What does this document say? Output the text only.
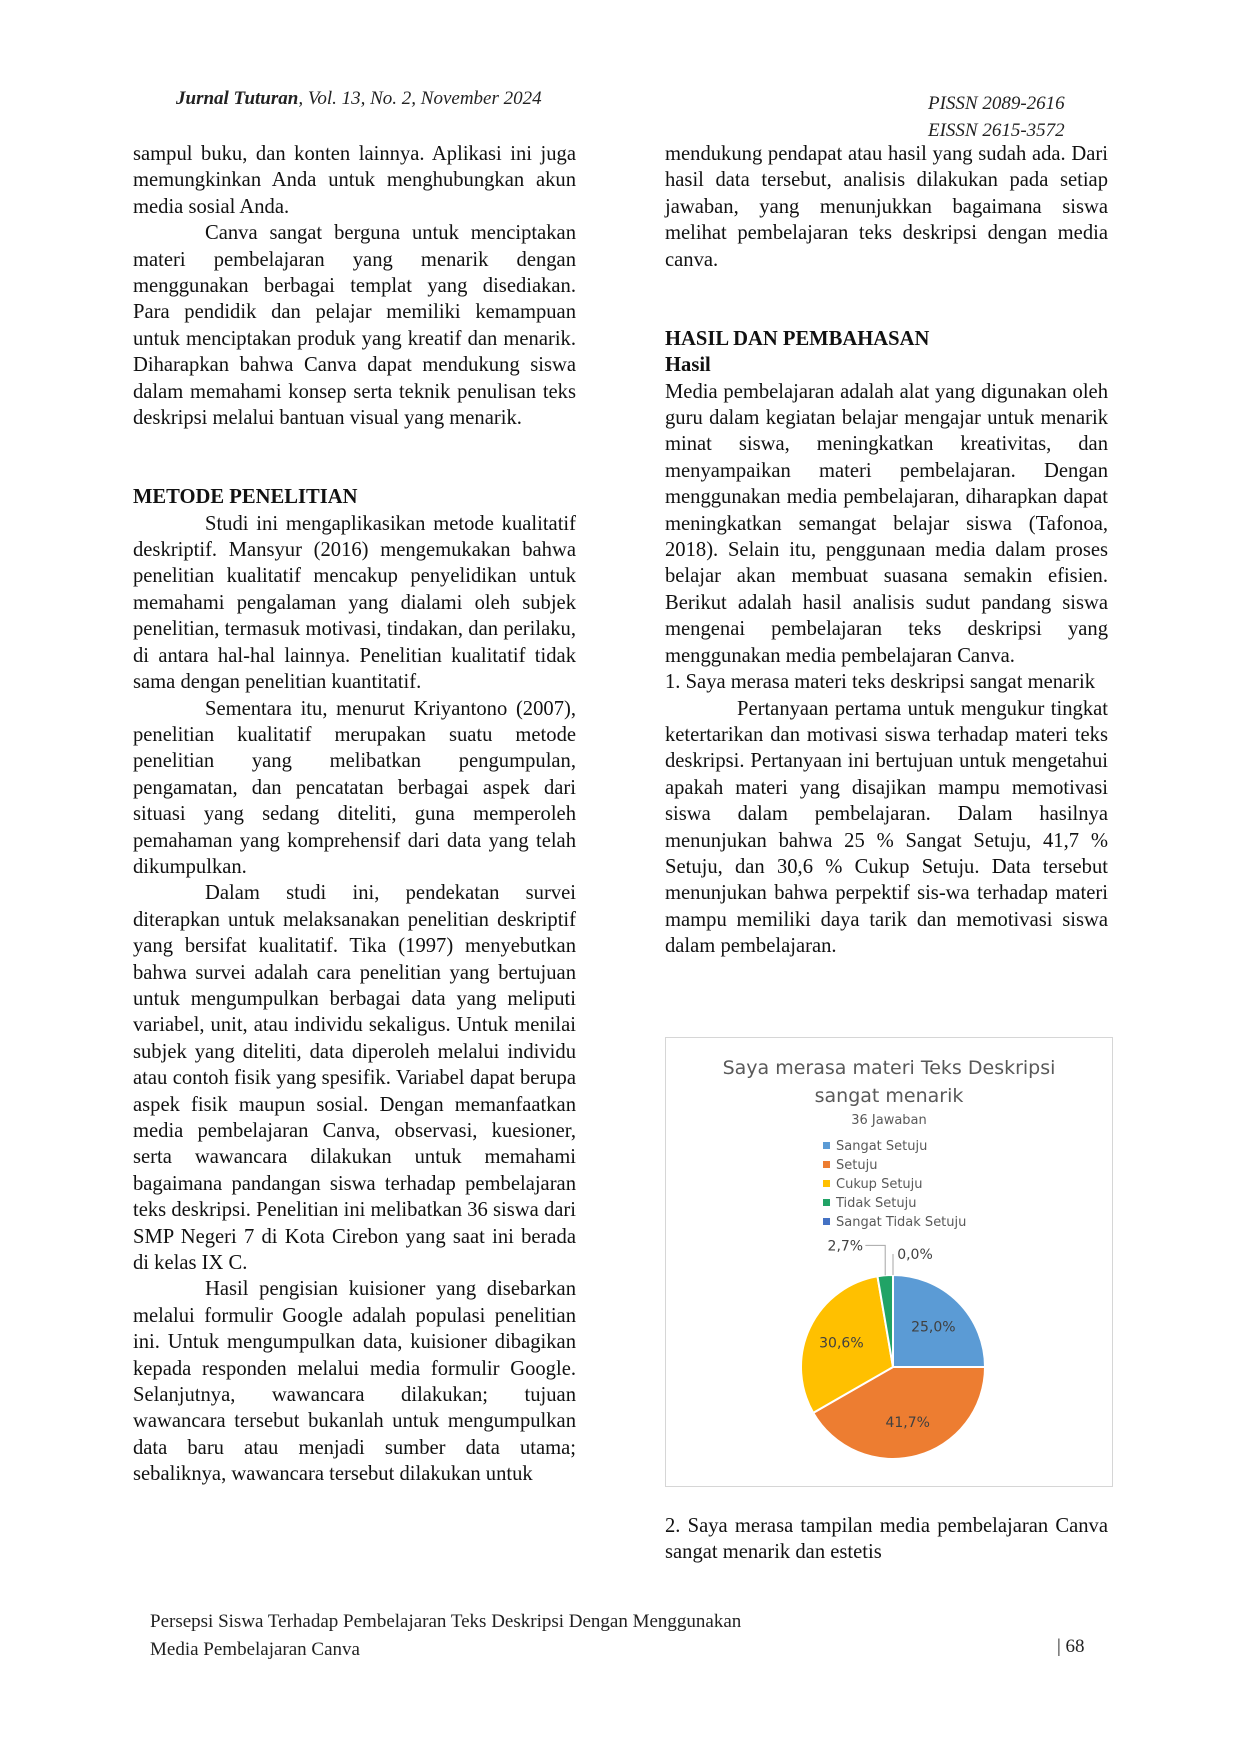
Jurnal Tuturan, Vol. 13, No. 2, November 2024	PISSN 2089-2616
EISSN 2615-3572

sampul buku, dan konten lainnya. Aplikasi ini juga memungkinkan Anda untuk menghubungkan akun media sosial Anda.

Canva sangat berguna untuk menciptakan materi pembelajaran yang menarik dengan menggunakan berbagai templat yang disediakan. Para pendidik dan pelajar memiliki kemampuan untuk menciptakan produk yang kreatif dan menarik. Diharapkan bahwa Canva dapat mendukung siswa dalam memahami konsep serta teknik penulisan teks deskripsi melalui bantuan visual yang menarik.

METODE PENELITIAN

Studi ini mengaplikasikan metode kualitatif deskriptif. Mansyur (2016) mengemukakan bahwa penelitian kualitatif mencakup penyelidikan untuk memahami pengalaman yang dialami oleh subjek penelitian, termasuk motivasi, tindakan, dan perilaku, di antara hal-hal lainnya. Penelitian kualitatif tidak sama dengan penelitian kuantitatif.

Sementara itu, menurut Kriyantono (2007), penelitian kualitatif merupakan suatu metode penelitian yang melibatkan pengumpulan, pengamatan, dan pencatatan berbagai aspek dari situasi yang sedang diteliti, guna memperoleh pemahaman yang komprehensif dari data yang telah dikumpulkan.

Dalam studi ini, pendekatan survei diterapkan untuk melaksanakan penelitian deskriptif yang bersifat kualitatif. Tika (1997) menyebutkan bahwa survei adalah cara penelitian yang bertujuan untuk mengumpulkan berbagai data yang meliputi variabel, unit, atau individu sekaligus. Untuk menilai subjek yang diteliti, data diperoleh melalui individu atau contoh fisik yang spesifik. Variabel dapat berupa aspek fisik maupun sosial. Dengan memanfaatkan media pembelajaran Canva, observasi, kuesioner, serta wawancara dilakukan untuk memahami bagaimana pandangan siswa terhadap pembelajaran teks deskripsi. Penelitian ini melibatkan 36 siswa dari SMP Negeri 7 di Kota Cirebon yang saat ini berada di kelas IX C.

Hasil pengisian kuisioner yang disebarkan melalui formulir Google adalah populasi penelitian ini. Untuk mengumpulkan data, kuisioner dibagikan kepada responden melalui media formulir Google. Selanjutnya, wawancara dilakukan; tujuan wawancara tersebut bukanlah untuk mengumpulkan data baru atau menjadi sumber data utama; sebaliknya, wawancara tersebut dilakukan untuk

mendukung pendapat atau hasil yang sudah ada. Dari hasil data tersebut, analisis dilakukan pada setiap jawaban, yang menunjukkan bagaimana siswa melihat pembelajaran teks deskripsi dengan media canva.

HASIL DAN PEMBAHASAN
Hasil

Media pembelajaran adalah alat yang digunakan oleh guru dalam kegiatan belajar mengajar untuk menarik minat siswa, meningkatkan kreativitas, dan menyampaikan materi pembelajaran. Dengan menggunakan media pembelajaran, diharapkan dapat meningkatkan semangat belajar siswa (Tafonoa, 2018). Selain itu, penggunaan media dalam proses belajar akan membuat suasana semakin efisien. Berikut adalah hasil analisis sudut pandang siswa mengenai pembelajaran teks deskripsi yang menggunakan media pembelajaran Canva.

1. Saya merasa materi teks deskripsi sangat menarik

Pertanyaan pertama untuk mengukur tingkat ketertarikan dan motivasi siswa terhadap materi teks deskripsi. Pertanyaan ini bertujuan untuk mengetahui apakah materi yang disajikan mampu memotivasi siswa dalam pembelajaran. Dalam hasilnya menunjukan bahwa 25 % Sangat Setuju, 41,7 % Setuju, dan 30,6 % Cukup Setuju. Data tersebut menunjukan bahwa perpektif sis-wa terhadap materi mampu memiliki daya tarik dan memotivasi siswa dalam pembelajaran.

Saya merasa materi Teks Deskripsi
sangat menarik
36 Jawaban
Sangat Setuju
Setuju
Cukup Setuju
Tidak Setuju
Sangat Tidak Setuju
25,0%
41,7%
30,6%
2,7%
0,0%
2. Saya merasa tampilan media pembelajaran Canva sangat menarik dan estetis
Persepsi Siswa Terhadap Pembelajaran Teks Deskripsi Dengan Menggunakan
Media Pembelajaran Canva	| 68
